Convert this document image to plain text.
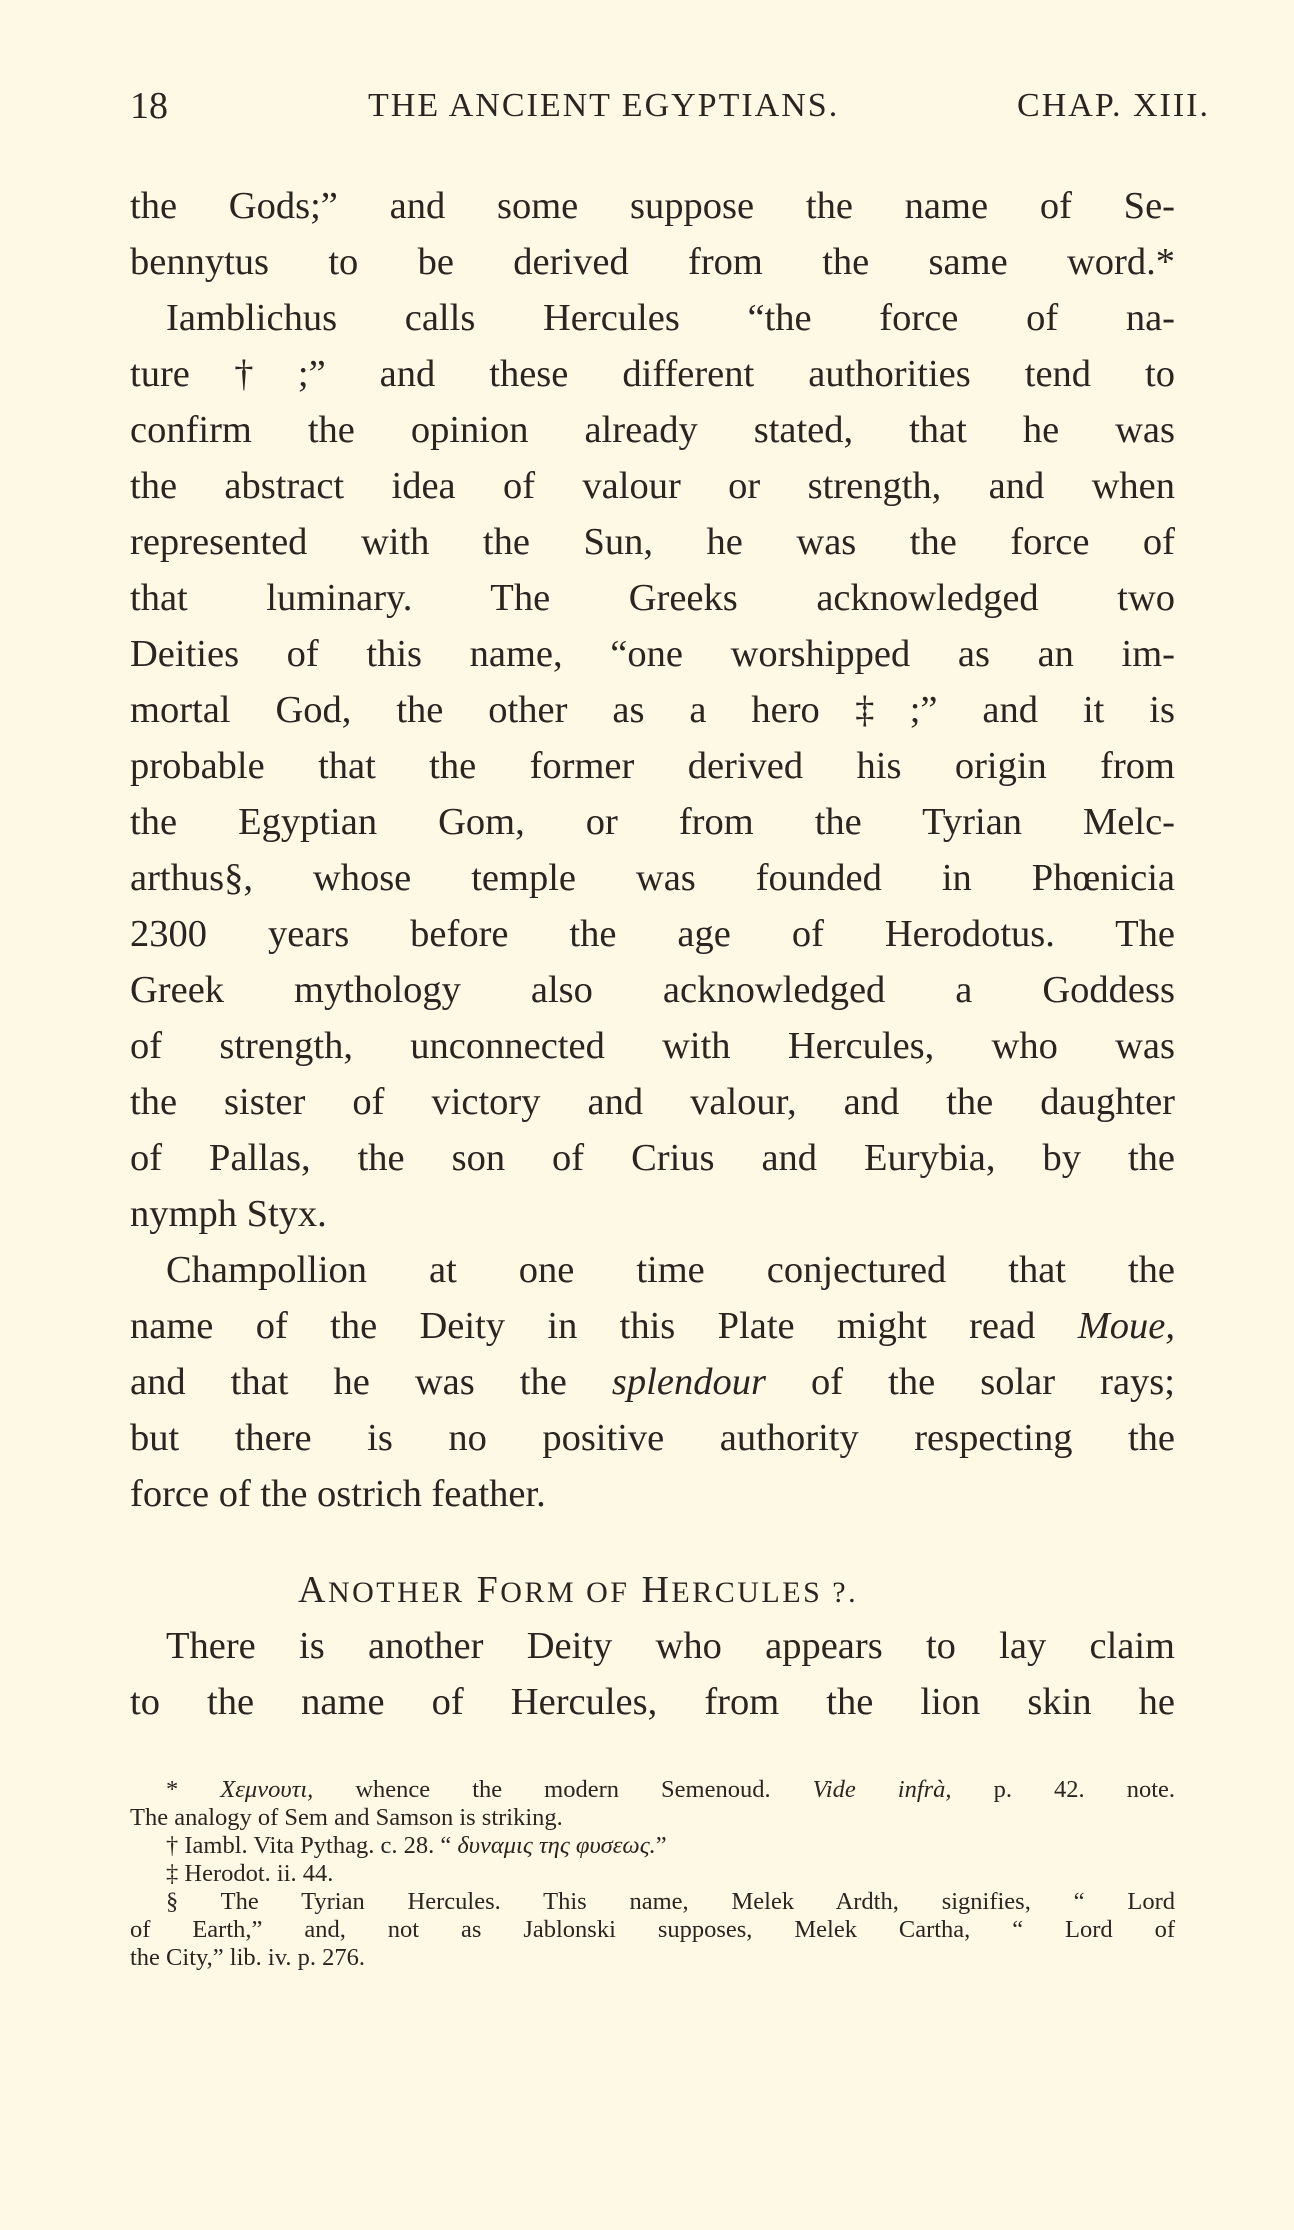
18	THE ANCIENT EGYPTIANS.	CHAP. XIII.
the Gods;” and some suppose the name of Se-
bennytus to be derived from the same word.*
Iamblichus calls Hercules “the force of na-
ture†;” and these different authorities tend to
confirm the opinion already stated, that he was
the abstract idea of valour or strength, and when
represented with the Sun, he was the force of
that luminary. The Greeks acknowledged two
Deities of this name, “one worshipped as an im-
mortal God, the other as a hero‡;” and it is
probable that the former derived his origin from
the Egyptian Gom, or from the Tyrian Melc-
arthus§, whose temple was founded in Phœnicia
2300 years before the age of Herodotus. The
Greek mythology also acknowledged a Goddess
of strength, unconnected with Hercules, who was
the sister of victory and valour, and the daughter
of Pallas, the son of Crius and Eurybia, by the
nymph Styx.
Champollion at one time conjectured that the
name of the Deity in this Plate might read Moue,
and that he was the splendour of the solar rays;
but there is no positive authority respecting the
force of the ostrich feather.
ANOTHER FORM OF HERCULES ?.
There is another Deity who appears to lay claim
to the name of Hercules, from the lion skin he
* Χεμνουτι, whence the modern Semenoud. Vide infrà, p. 42. note.
The analogy of Sem and Samson is striking.
† Iambl. Vita Pythag. c. 28. “ δυναμις της φυσεως.”
‡ Herodot. ii. 44.
§ The Tyrian Hercules. This name, Melek Ardth, signifies, “ Lord
of Earth,” and, not as Jablonski supposes, Melek Cartha, “ Lord of
the City,” lib. iv. p. 276.
